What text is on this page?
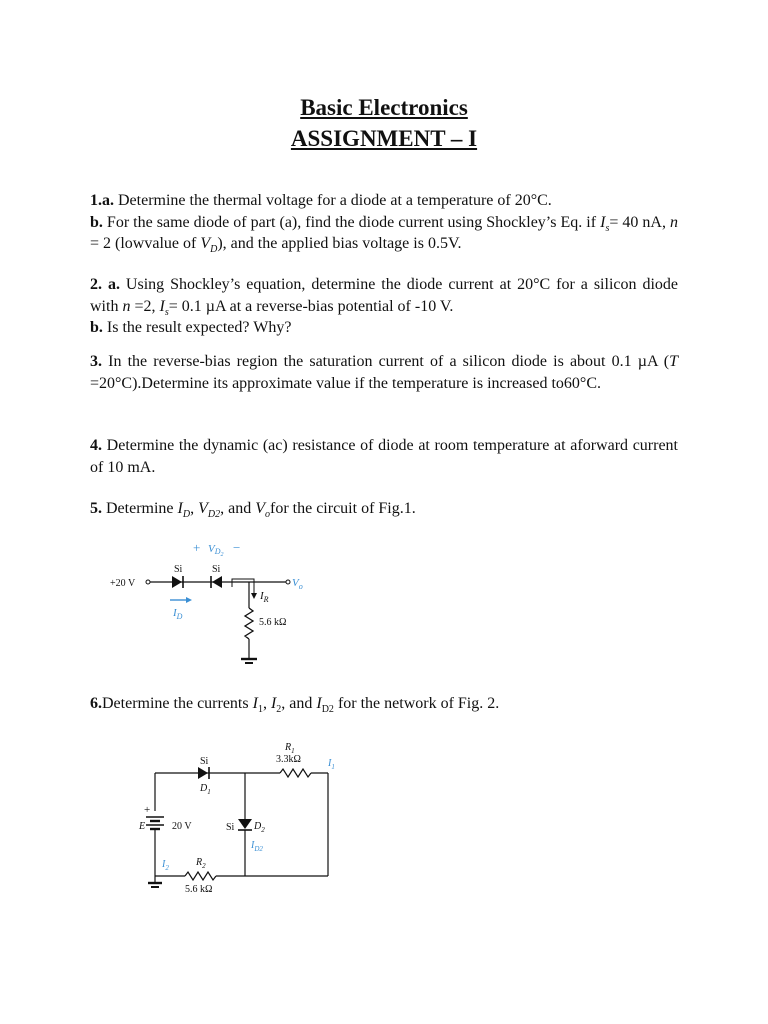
Basic Electronics
ASSIGNMENT – I

1.a. Determine the thermal voltage for a diode at a temperature of 20°C.

b. For the same diode of part (a), find the diode current using Shockley’s Eq. if $I_s= 40$ nA, n = 2 (lowvalue of $V_D$), and the applied bias voltage is 0.5V.

2. a. Using Shockley’s equation, determine the diode current at 20°C for a silicon diode with n =2, $I_s= 0.1$ µA at a reverse-bias potential of -10 V.

b. Is the result expected? Why?

3. In the reverse-bias region the saturation current of a silicon diode is about 0.1 µA (T =20°C).Determine its approximate value if the temperature is increased to60°C.

4. Determine the dynamic (ac) resistance of diode at room temperature at aforward current of 10 mA.

5. Determine $I_D$, $V_{D2}$, and $V_ofor$ the circuit of Fig.1.

+ VD2 −
Si	Si
+20 V	$V_o$
$I_R$
$I_D$
5.6 kΩ

6.Determine the currents $I_1$, $I_2$, and $I_{D2}$ for the network of Fig. 2.

$R_1$
3.3kΩ	$I_1$
Si
$D_1$
+
E	20 V	Si $D_2$
$I_{D2}$
$I_2$	$R_2$
5.6 kΩ
